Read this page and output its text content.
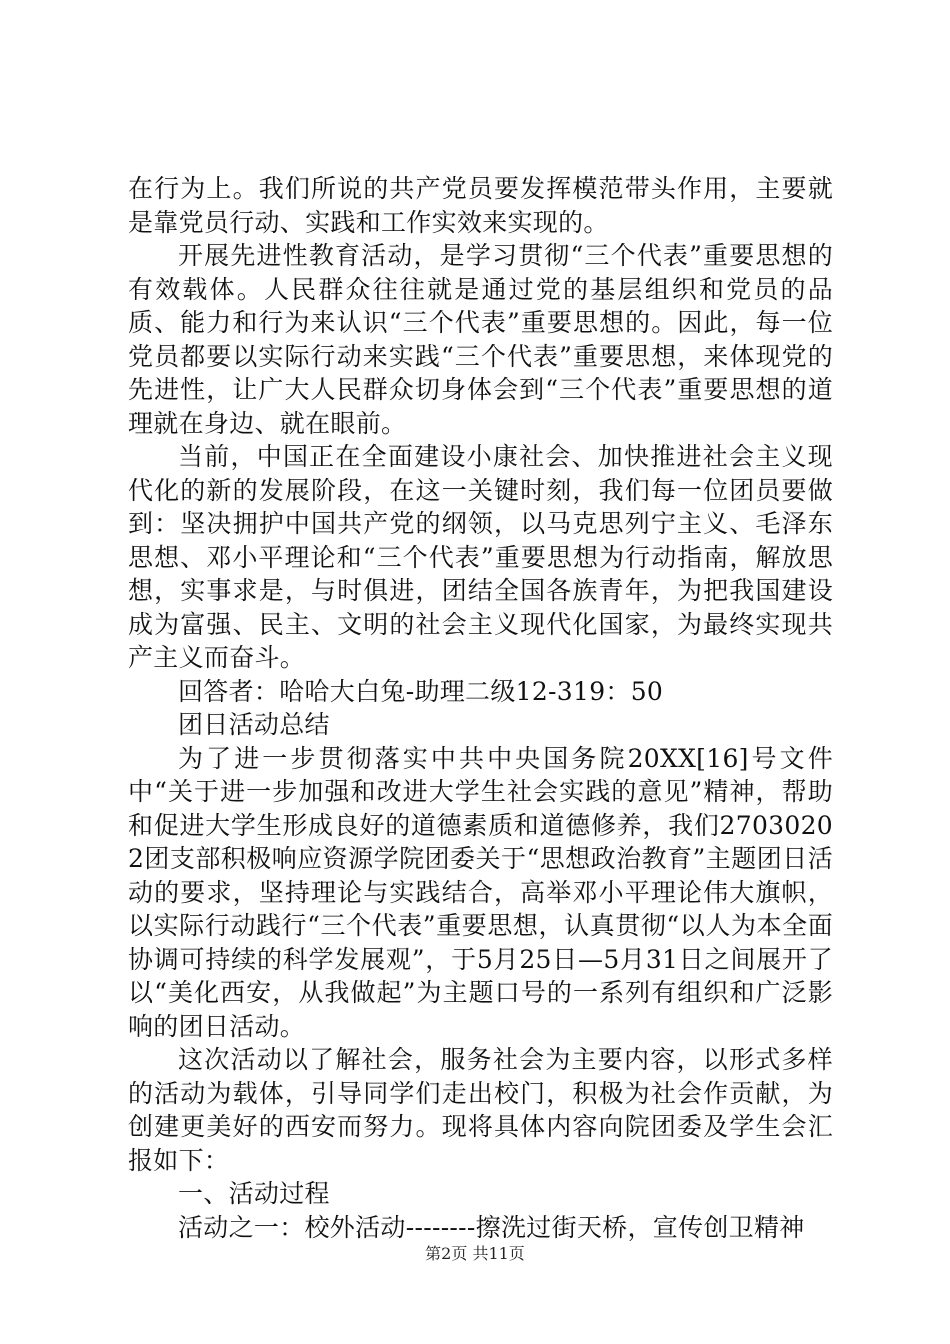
在行为上。我们所说的共产党员要发挥模范带头作用，主要就是靠党员行动、实践和工作实效来实现的。

开展先进性教育活动，是学习贯彻“三个代表”重要思想的有效载体。人民群众往往就是通过党的基层组织和党员的品质、能力和行为来认识“三个代表”重要思想的。因此，每一位党员都要以实际行动来实践“三个代表”重要思想，来体现党的先进性，让广大人民群众切身体会到“三个代表”重要思想的道理就在身边、就在眼前。

当前，中国正在全面建设小康社会、加快推进社会主义现代化的新的发展阶段，在这一关键时刻，我们每一位团员要做到：坚决拥护中国共产党的纲领，以马克思列宁主义、毛泽东思想、邓小平理论和“三个代表”重要思想为行动指南，解放思想，实事求是，与时俱进，团结全国各族青年，为把我国建设成为富强、民主、文明的社会主义现代化国家，为最终实现共产主义而奋斗。

回答者：哈哈大白兔-助理二级12-319：50

团日活动总结

为了进一步贯彻落实中共中央国务院20XX[16]号文件中“关于进一步加强和改进大学生社会实践的意见”精神，帮助和促进大学生形成良好的道德素质和道德修养，我们27030202团支部积极响应资源学院团委关于“思想政治教育”主题团日活动的要求，坚持理论与实践结合，高举邓小平理论伟大旗帜，以实际行动践行“三个代表”重要思想，认真贯彻“以人为本全面协调可持续的科学发展观”，于5月25日—5月31日之间展开了以“美化西安，从我做起”为主题口号的一系列有组织和广泛影响的团日活动。

这次活动以了解社会，服务社会为主要内容，以形式多样的活动为载体，引导同学们走出校门，积极为社会作贡献，为创建更美好的西安而努力。现将具体内容向院团委及学生会汇报如下：

一、活动过程

活动之一：校外活动--------擦洗过街天桥，宣传创卫精神

第2页 共11页
